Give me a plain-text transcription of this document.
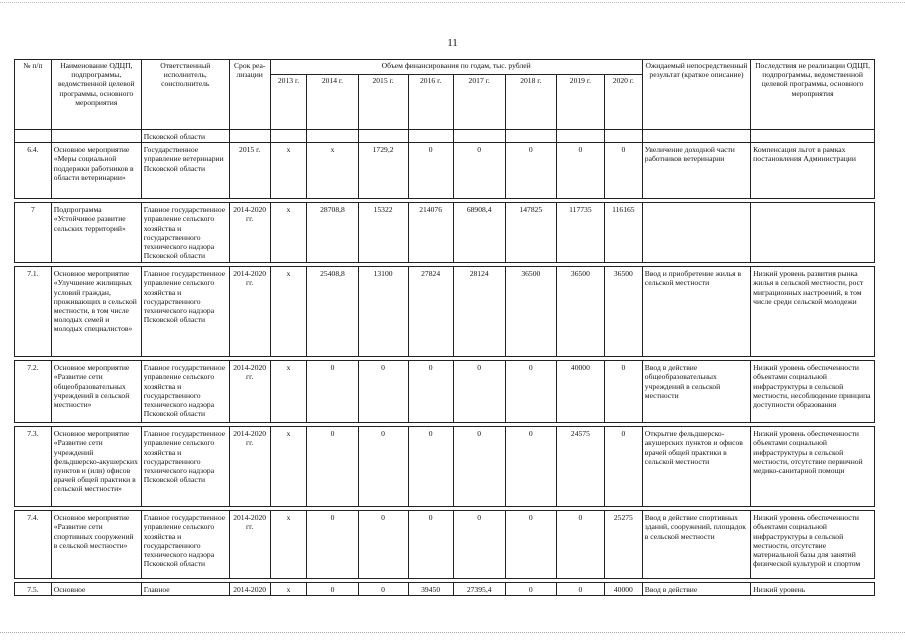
11
№ п/п	Наименование ОДЦП, подпрограммы, ведомственной целевой программы, основного мероприятия	Ответственный исполнитель, соисполнитель	Срок реа-лизации	Объем финансирования по годам, тыс. рублей								Ожидаемый непосредственный результат (краткое описание)	Последствия не реализации ОДЦП, подпрограммы, ведомственной целевой программы, основного мероприятия
				2013 г.	2014 г.	2015 г.	2016 г.	2017 г.	2018 г.	2019 г.	2020 г.		
		Псковской области											
6.4.	Основное мероприятие «Меры социальной поддержки работников в области ветеринарии»	Государственное управление ветеринарии Псковской области	2015 г.	х	х	1729,2	0	0	0	0	0	Увеличение доходной части работников ветеринарии	Компенсация льгот в рамках постановления Администрации

7	Подпрограмма «Устойчивое развитие сельских территорий»	Главное государственное управление сельского хозяйства и государственного технического надзора Псковской области	2014-2020 гг.	х	28708,8	15322	214076	68908,4	147825	117735	116165		

7.1.	Основное мероприятие «Улучшение жилищных условий граждан, проживающих в сельской местности, в том числе молодых семей и молодых специалистов»	Главное государственное управление сельского хозяйства и государственного технического надзора Псковской области	2014-2020 гг.	х	25408,8	13100	27824	28124	36500	36500	36500	Ввод и приобретение жилья в сельской местности	Низкий уровень развития рынка жилья в сельской местности, рост миграционных настроений, в том числе среди сельской молодежи

7.2.	Основное мероприятие «Развитие сети общеобразовательных учреждений в сельской местности»	Главное государственное управление сельского хозяйства и государственного технического надзора Псковской области	2014-2020 гг.	х	0	0	0	0	0	40000	0	Ввод в действие общеобразовательных учреждений в сельской местности	Низкий уровень обеспеченности объектами социальной инфраструктуры в сельской местности, несоблюдение принципа доступности образования

7.3.	Основное мероприятие «Развитие сети учреждений фельдшерско-акушерских пунктов и (или) офисов врачей общей практики в сельской местности»	Главное государственное управление сельского хозяйства и государственного технического надзора Псковской области	2014-2020 гг.	х	0	0	0	0	0	24575	0	Открытие фельдшерско-акушерских пунктов и офисов врачей общей практики в сельской местности	Низкий уровень обеспеченности объектами социальной инфраструктуры в сельской местности, отсутствие первичной медико-санитарной помощи

7.4.	Основное мероприятие «Развитие сети спортивных сооружений в сельской местности»	Главное государственное управление сельского хозяйства и государственного технического надзора Псковской области	2014-2020 гг.	х	0	0	0	0	0	0	25275	Ввод в действие спортивных зданий, сооружений, площадок в сельской местности	Низкий уровень обеспеченности объектами социальной инфраструктуры в сельской местности, отсутствие материальной базы для занятий физической культурой и спортом

7.5.	Основное	Главное	2014-2020	х	0	0	39450	27395,4	0	0	40000	Ввод в действие	Низкий уровень
